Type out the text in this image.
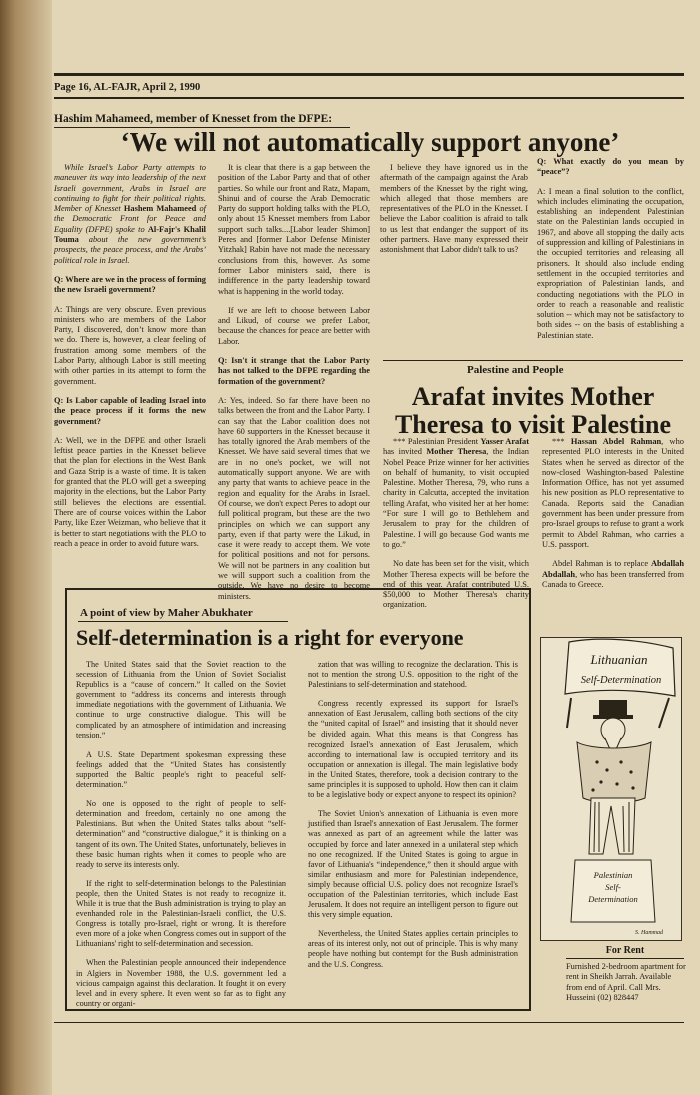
Page 16, AL-FAJR, April 2, 1990
Hashim Mahameed, member of Knesset from the DFPE:
‘We will not automatically support anyone’

While Israel’s Labor Party attempts to maneuver its way into leadership of the next Israeli government, Arabs in Israel are continuing to fight for their political rights. Member of Knesset Hashem Mahameed of the Democratic Front for Peace and Equality (DFPE) spoke to Al-Fajr's Khalil Touma about the new government’s prospects, the peace process, and the Arabs’ political role in Israel.

Q: Where are we in the process of forming the new Israeli government?

A: Things are very obscure. Even previous ministers who are members of the Labor Party, I discovered, don’t know more than we do. There is, however, a clear feeling of frustration among some members of the Labor Party, although Labor is still meeting with other parties in its attempt to form the government.

Q: Is Labor capable of leading Israel into the peace process if it forms the new government?

A: Well, we in the DFPE and other Israeli leftist peace parties in the Knesset believe that the plan for elections in the West Bank and Gaza Strip is a waste of time. It is taken for granted that the PLO will get a sweeping majority in the elections, but the Labor Party still believes the elections are essential. There are of course voices within the Labor Party, like Ezer Weizman, who believe that it is better to start negotiations with the PLO to reach a peace in order to avoid future wars.

It is clear that there is a gap between the position of the Labor Party and that of other parties. So while our front and Ratz, Mapam, Shinui and of course the Arab Democratic Party do support holding talks with the PLO, only about 15 Knesset members from Labor support such talks....[Labor leader Shimon] Peres and [former Labor Defense Minister Yitzhak] Rabin have not made the necessary conclusions from this, however. As some former Labor ministers said, there is indifference in the party leadership toward what is happening in the world today.

If we are left to choose between Labor and Likud, of course we prefer Labor, because the chances for peace are better with Labor.

Q: Isn't it strange that the Labor Party has not talked to the DFPE regarding the formation of the government?

A: Yes, indeed. So far there have been no talks between the front and the Labor Party. I can say that the Labor coalition does not have 60 supporters in the Knesset because it has totally ignored the Arab members of the Knesset. We have said several times that we are in no one's pocket, we will not automatically support anyone. We are with any party that wants to achieve peace in the region and equality for the Arabs in Israel. Of course, we don't expect Peres to adopt our full political program, but these are the two principles on which we can support any party, even if that party were the Likud, in case it were ready to accept them. We vote for political positions and not for persons. We will not be partners in any coalition but we will support such a coalition from the outside. We have no desire to become ministers.

I believe they have ignored us in the aftermath of the campaign against the Arab members of the Knesset by the right wing, which alleged that those members are representatives of the PLO in the Knesset. I believe the Labor coalition is afraid to talk to us lest that endanger the support of its other partners. Have many expressed their astonishment that Labor didn't talk to us?

Q: What exactly do you mean by “peace”?

A: I mean a final solution to the conflict, which includes eliminating the occupation, establishing an independent Palestinian state on the Palestinian lands occupied in 1967, and above all stopping the daily acts of suppression and killing of Palestinians in the occupied territories and releasing all prisoners. It should also include ending settlement in the occupied territories and expropriation of Palestinian lands, and conducting negotiations with the PLO in order to reach a reasonable and realistic solution -- which may not be satisfactory to both sides -- on the basis of establishing a Palestinian state.

Palestine and People
Arafat invites Mother Theresa to visit Palestine

*** Palestinian President Yasser Arafat has invited Mother Theresa, the Indian Nobel Peace Prize winner for her activities on behalf of humanity, to visit occupied Palestine. Mother Theresa, 79, who runs a charity in Calcutta, accepted the invitation telling Arafat, who visited her at her home: “For sure I will go to Bethlehem and Jerusalem to pray for the children of Palestine. I will go because God wants me to go.”

No date has been set for the visit, which Mother Theresa expects will be before the end of this year. Arafat contributed U.S. $50,000 to Mother Theresa's charity organization.

*** Hassan Abdel Rahman, who represented PLO interests in the United States when he served as director of the now-closed Washington-based Palestine Information Office, has not yet assumed his new position as PLO representative to Canada. Reports said the Canadian government has been under pressure from pro-Israel groups to refuse to grant a work permit to Abdel Rahman, who carries a U.S. passport.

Abdel Rahman is to replace Abdallah Abdallah, who has been transferred from Canada to Greece.

A point of view by Maher Abukhater
Self-determination is a right for everyone

The United States said that the Soviet reaction to the secession of Lithuania from the Union of Soviet Socialist Republics is a “cause of concern.” It called on the Soviet government to “address its concerns and interests through immediate negotiations with the government of Lithuania. We continue to urge constructive dialogue. This will be complicated by an atmosphere of intimidation and increasing tension.”

A U.S. State Department spokesman expressing these feelings added that the “United States has consistently supported the Baltic people's right to peaceful self-determination.”

No one is opposed to the right of people to self-determination and freedom, certainly no one among the Palestinians. But when the United States talks about “self-determination” and “constructive dialogue,” it is thinking on a tangent of its own. The United States, unfortunately, believes in these basic human rights when it comes to people who are ready to serve its interests only.

If the right to self-determination belongs to the Palestinian people, then the United States is not ready to recognize it. While it is true that the Bush administration is trying to play an evenhanded role in the Palestinian-Israeli conflict, the U.S. Congress is totally pro-Israel, right or wrong. It is therefore even more of a joke when Congress comes out in support of the Lithuanians' right to self-determination and secession.

When the Palestinian people announced their independence in Algiers in November 1988, the U.S. government led a vicious campaign against this declaration. It fought it on every level and in every sphere. It even went so far as to fight any country or organi-

zation that was willing to recognize the declaration. This is not to mention the strong U.S. opposition to the right of the Palestinians to self-determination and statehood.

Congress recently expressed its support for Israel's annexation of East Jerusalem, calling both sections of the city the “united capital of Israel” and insisting that it should never be divided again. What this means is that Congress has recognized Israel's annexation of East Jerusalem, which according to international law is occupied territory and its occupation or annexation is illegal. The main legislative body in the United States, therefore, took a decision contrary to the same principles it is supposed to uphold. How then can it claim to be a legislative body or expect anyone to respect its opinion?

The Soviet Union's annexation of Lithuania is even more justified than Israel's annexation of East Jerusalem. The former was annexed as part of an agreement while the latter was occupied by force and later annexed in a unilateral step which no one recognized. If the United States is going to argue in favor of Lithuania's “independence,” then it should argue with similar enthusiasm and more for Palestinian independence, simply because official U.S. policy does not recognize Israel's occupation of the Palestinian territories, which include East Jerusalem. It does not require an intelligent person to figure out this very simple equation.

Nevertheless, the United States applies certain principles to areas of its interest only, not out of principle. This is why many people have nothing but contempt for the Bush administration and the U.S. Congress.

Lithuanian
Self-Determination
Palestinian
Self-
Determination
S. Hammad
For Rent
Furnished 2-bedroom apartment for rent in Sheikh Jarrah. Available from end of April. Call Mrs. Husseini (02) 828447
